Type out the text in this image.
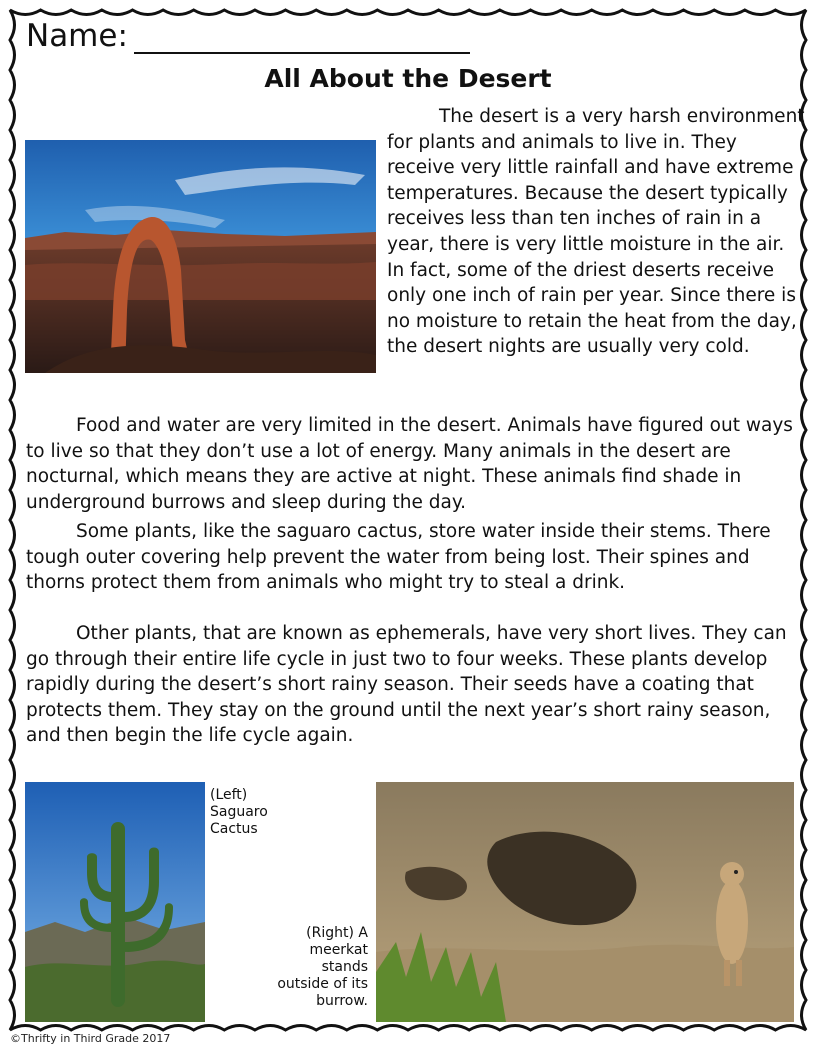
Name:
All About the Desert
The desert is a very harsh environment for plants and animals to live in. They receive very little rainfall and have extreme temperatures. Because the desert typically receives less than ten inches of rain in a year, there is very little moisture in the air. In fact, some of the driest deserts receive only one inch of rain per year. Since there is no moisture to retain the heat from the day, the desert nights are usually very cold.
Food and water are very limited in the desert. Animals have figured out ways to live so that they don’t use a lot of energy. Many animals in the desert are nocturnal, which means they are active at night. These animals find shade in underground burrows and sleep during the day.
Some plants, like the saguaro cactus, store water inside their stems. There tough outer covering help prevent the water from being lost. Their spines and thorns protect them from animals who might try to steal a drink.
Other plants, that are known as ephemerals, have very short lives. They can go through their entire life cycle in just two to four weeks. These plants develop rapidly during the desert’s short rainy season. Their seeds have a coating that protects them. They stay on the ground until the next year’s short rainy season, and then begin the life cycle again.
(Left) Saguaro Cactus
(Right) A meerkat stands outside of its burrow.
©Thrifty in Third Grade 2017
